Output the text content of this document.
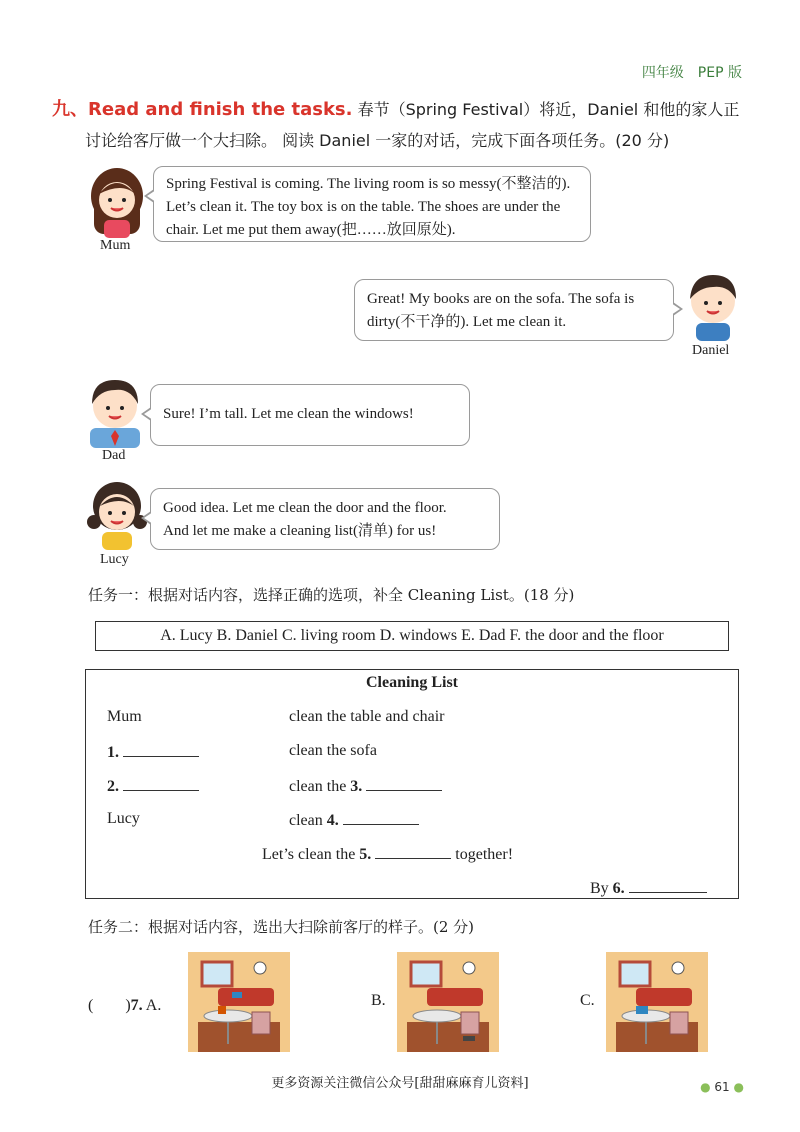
四年级　PEP 版
九、Read and finish the tasks. 春节（Spring Festival）将近，Daniel 和他的家人正
讨论给客厅做一个大扫除。 阅读 Daniel 一家的对话，完成下面各项任务。(20 分)
Mum
Spring Festival is coming. The living room is so messy(不整洁的).
Let’s clean it. The toy box is on the table. The shoes are under the
chair. Let me put them away(把……放回原处).
Great! My books are on the sofa. The sofa is
dirty(不干净的). Let me clean it.
Daniel
Dad
Sure! I’m tall. Let me clean the windows!
Lucy
Good idea. Let me clean the door and the floor.
And let me make a cleaning list(清单) for us!
任务一：根据对话内容，选择正确的选项，补全 Cleaning List。(18 分)
A. Lucy B. Daniel C. living room D. windows E. Dad F. the door and the floor
Cleaning List
Mum	clean the table and chair
1.	clean the sofa
2.	clean the 3.
Lucy	clean 4.
Let’s clean the 5.	together!
By 6.
任务二：根据对话内容，选出大扫除前客厅的样子。(2 分)
(　　)7. A.	B.	C.
更多资源关注微信公众号[甜甜麻麻育儿资料]	● 61 ●
